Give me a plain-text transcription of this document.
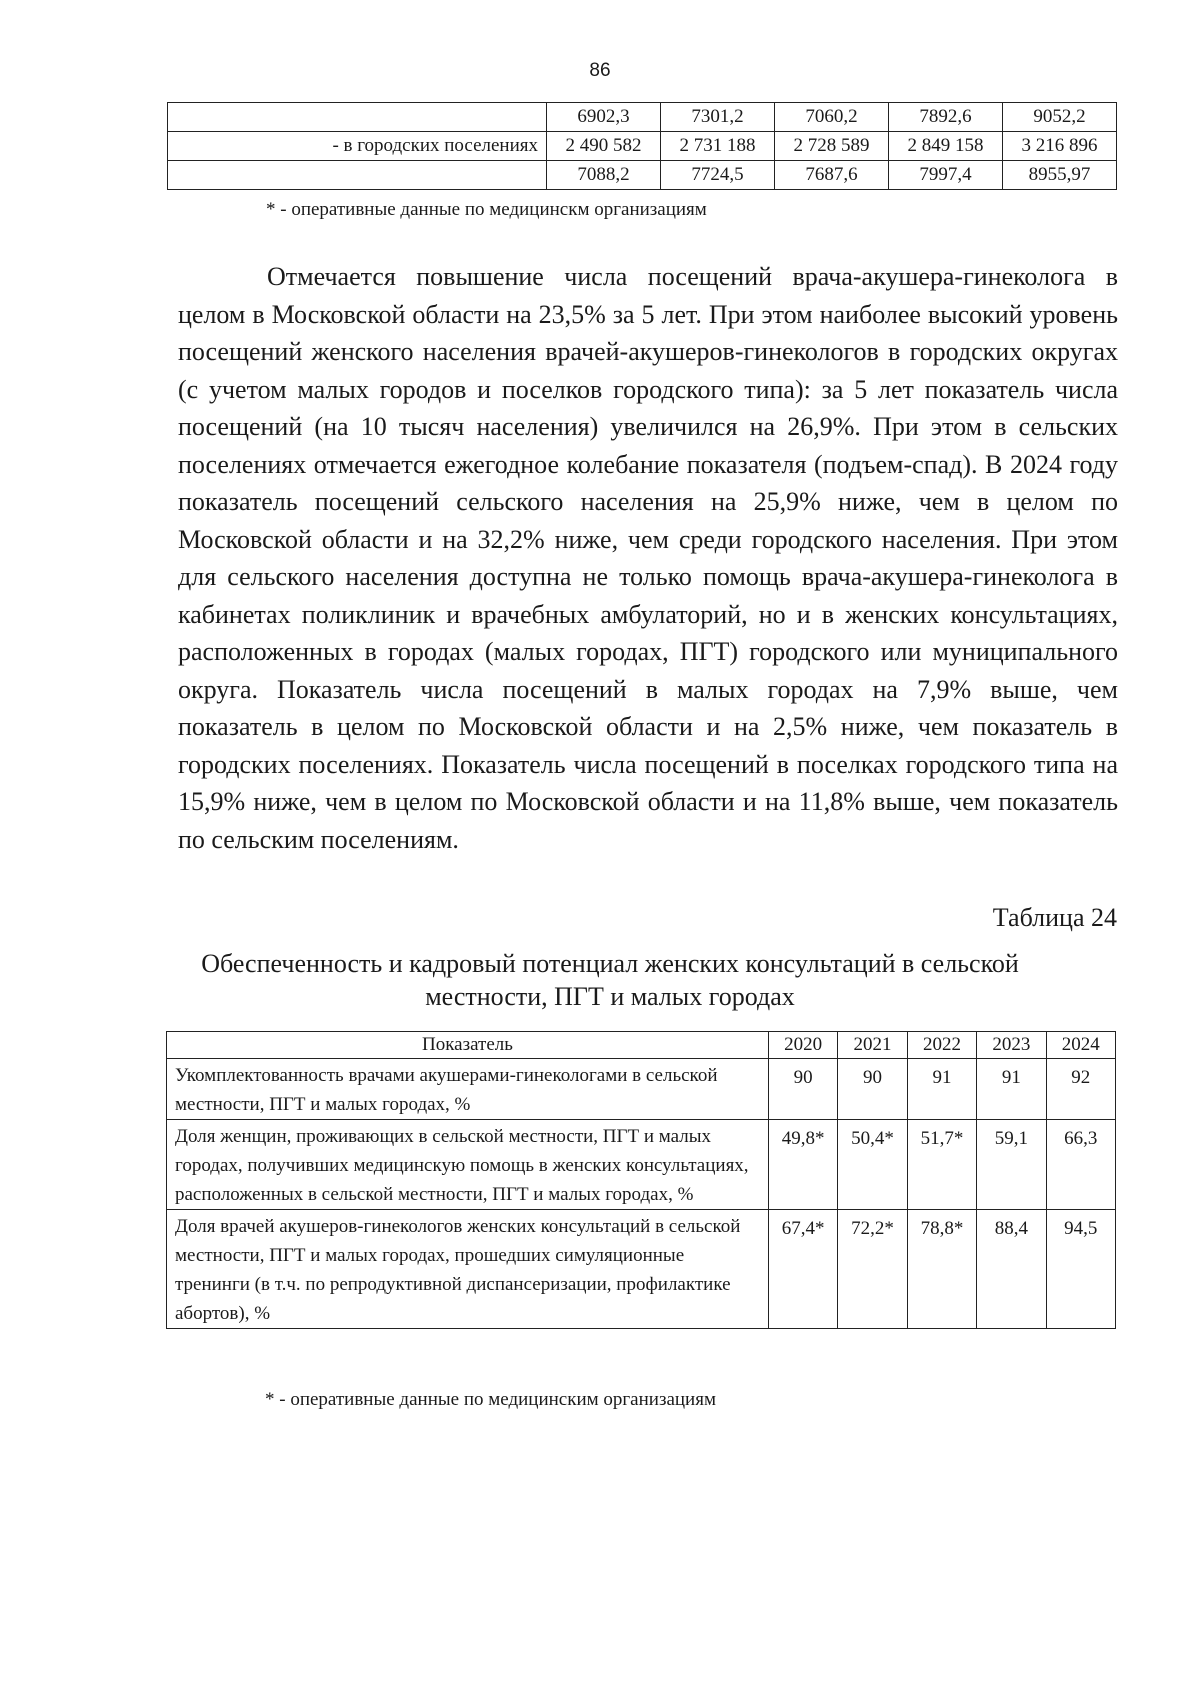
86
	6902,3	7301,2	7060,2	7892,6	9052,2
- в городских поселениях	2 490 582	2 731 188	2 728 589	2 849 158	3 216 896
	7088,2	7724,5	7687,6	7997,4	8955,97
* - оперативные данные по медицинскм организациям

Отмечается повышение числа посещений врача-акушера-гинеколога в целом в Московской области на 23,5% за 5 лет. При этом наиболее высокий уровень посещений женского населения врачей-акушеров-гинекологов в городских округах (с учетом малых городов и поселков городского типа): за 5 лет показатель числа посещений (на 10 тысяч населения) увеличился на 26,9%. При этом в сельских поселениях отмечается ежегодное колебание показателя (подъем-спад). В 2024 году показатель посещений сельского населения на 25,9% ниже, чем в целом по Московской области и на 32,2% ниже, чем среди городского населения. При этом для сельского населения доступна не только помощь врача-акушера-гинеколога в кабинетах поликлиник и врачебных амбулаторий, но и в женских консультациях, расположенных в городах (малых городах, ПГТ) городского или муниципального округа. Показатель числа посещений в малых городах на 7,9% выше, чем показатель в целом по Московской области и на 2,5% ниже, чем показатель в городских поселениях. Показатель числа посещений в поселках городского типа на 15,9% ниже, чем в целом по Московской области и на 11,8% выше, чем показатель по сельским поселениям.

Таблица 24
Обеспеченность и кадровый потенциал женских консультаций в сельской местности, ПГТ и малых городах
Показатель	2020	2021	2022	2023	2024
Укомплектованность врачами акушерами-гинекологами в сельской местности, ПГТ и малых городах, %	90	90	91	91	92
Доля женщин, проживающих в сельской местности, ПГТ и малых городах, получивших медицинскую помощь в женских консультациях, расположенных в сельской местности, ПГТ и малых городах, %	49,8*	50,4*	51,7*	59,1	66,3
Доля врачей акушеров-гинекологов женских консультаций в сельской местности, ПГТ и малых городах, прошедших симуляционные тренинги (в т.ч. по репродуктивной диспансеризации, профилактике абортов), %	67,4*	72,2*	78,8*	88,4	94,5
* - оперативные данные по медицинским организациям
